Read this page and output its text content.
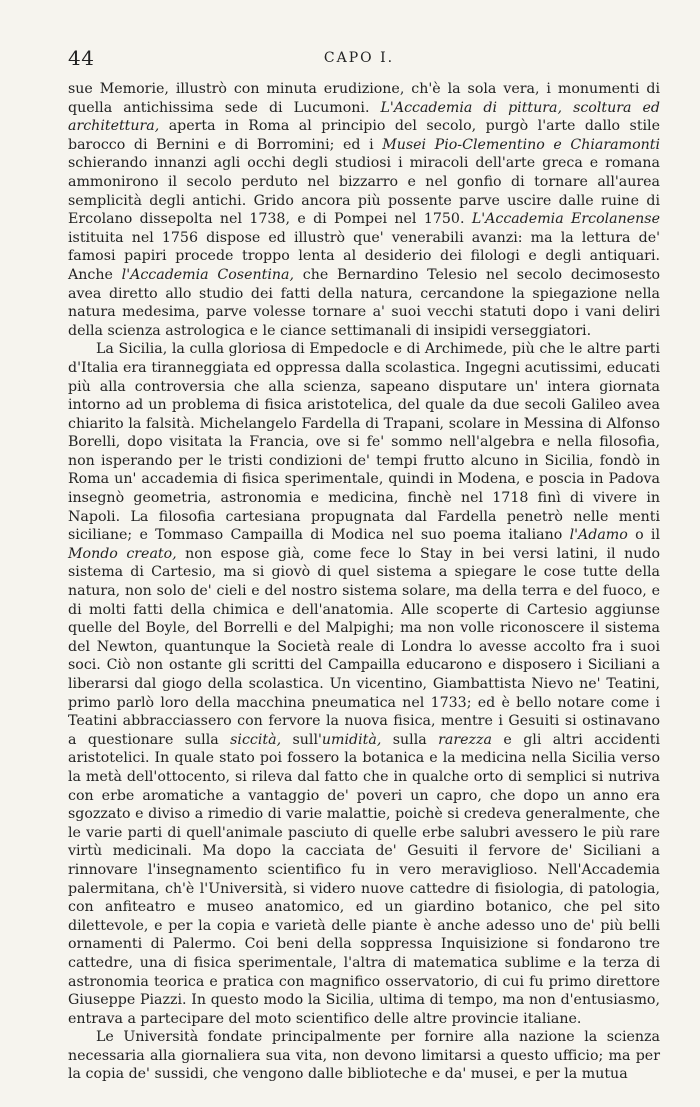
44	CAPO I.

sue Memorie, illustrò con minuta erudizione, ch'è la sola vera, i monumenti di quella antichissima sede di Lucumoni. L'Accademia di pittura, scoltura ed architettura, aperta in Roma al principio del secolo, purgò l'arte dallo stile barocco di Bernini e di Borromini; ed i Musei Pio-Clementino e Chiaramonti schierando innanzi agli occhi degli studiosi i miracoli dell'arte greca e romana ammonirono il secolo perduto nel bizzarro e nel gonfio di tornare all'aurea semplicità degli antichi. Grido ancora più possente parve uscire dalle ruine di Ercolano dissepolta nel 1738, e di Pompei nel 1750. L'Accademia Ercolanense istituita nel 1756 dispose ed illustrò que' venerabili avanzi: ma la lettura de' famosi papiri procede troppo lenta al desiderio dei filologi e degli antiquari. Anche l'Accademia Cosentina, che Bernardino Telesio nel secolo decimosesto avea diretto allo studio dei fatti della natura, cercandone la spiegazione nella natura medesima, parve volesse tornare a' suoi vecchi statuti dopo i vani deliri della scienza astrologica e le ciance settimanali di insipidi verseggiatori.

La Sicilia, la culla gloriosa di Empedocle e di Archimede, più che le altre parti d'Italia era tiranneggiata ed oppressa dalla scolastica. Ingegni acutissimi, educati più alla controversia che alla scienza, sapeano disputare un' intera giornata intorno ad un problema di fisica aristotelica, del quale da due secoli Galileo avea chiarito la falsità. Michelangelo Fardella di Trapani, scolare in Messina di Alfonso Borelli, dopo visitata la Francia, ove si fe' sommo nell'algebra e nella filosofia, non isperando per le tristi condizioni de' tempi frutto alcuno in Sicilia, fondò in Roma un' accademia di fisica sperimentale, quindi in Modena, e poscia in Padova insegnò geometria, astronomia e medicina, finchè nel 1718 finì di vivere in Napoli. La filosofia cartesiana propugnata dal Fardella penetrò nelle menti siciliane; e Tommaso Campailla di Modica nel suo poema italiano l'Adamo o il Mondo creato, non espose già, come fece lo Stay in bei versi latini, il nudo sistema di Cartesio, ma si giovò di quel sistema a spiegare le cose tutte della natura, non solo de' cieli e del nostro sistema solare, ma della terra e del fuoco, e di molti fatti della chimica e dell'anatomia. Alle scoperte di Cartesio aggiunse quelle del Boyle, del Borrelli e del Malpighi; ma non volle riconoscere il sistema del Newton, quantunque la Società reale di Londra lo avesse accolto fra i suoi soci. Ciò non ostante gli scritti del Campailla educarono e disposero i Siciliani a liberarsi dal giogo della scolastica. Un vicentino, Giambattista Nievo ne' Teatini, primo parlò loro della macchina pneumatica nel 1733; ed è bello notare come i Teatini abbracciassero con fervore la nuova fisica, mentre i Gesuiti si ostinavano a questionare sulla siccità, sull'umidità, sulla rarezza e gli altri accidenti aristotelici. In quale stato poi fossero la botanica e la medicina nella Sicilia verso la metà dell'ottocento, si rileva dal fatto che in qualche orto di semplici si nutriva con erbe aromatiche a vantaggio de' poveri un capro, che dopo un anno era sgozzato e diviso a rimedio di varie malattie, poichè si credeva generalmente, che le varie parti di quell'animale pasciuto di quelle erbe salubri avessero le più rare virtù medicinali. Ma dopo la cacciata de' Gesuiti il fervore de' Siciliani a rinnovare l'insegnamento scientifico fu in vero meraviglioso. Nell'Accademia palermitana, ch'è l'Università, si videro nuove cattedre di fisiologia, di patologia, con anfiteatro e museo anatomico, ed un giardino botanico, che pel sito dilettevole, e per la copia e varietà delle piante è anche adesso uno de' più belli ornamenti di Palermo. Coi beni della soppressa Inquisizione si fondarono tre cattedre, una di fisica sperimentale, l'altra di matematica sublime e la terza di astronomia teorica e pratica con magnifico osservatorio, di cui fu primo direttore Giuseppe Piazzi. In questo modo la Sicilia, ultima di tempo, ma non d'entusiasmo, entrava a partecipare del moto scientifico delle altre provincie italiane.

Le Università fondate principalmente per fornire alla nazione la scienza necessaria alla giornaliera sua vita, non devono limitarsi a questo ufficio; ma per la copia de' sussidi, che vengono dalle biblioteche e da' musei, e per la mutua
